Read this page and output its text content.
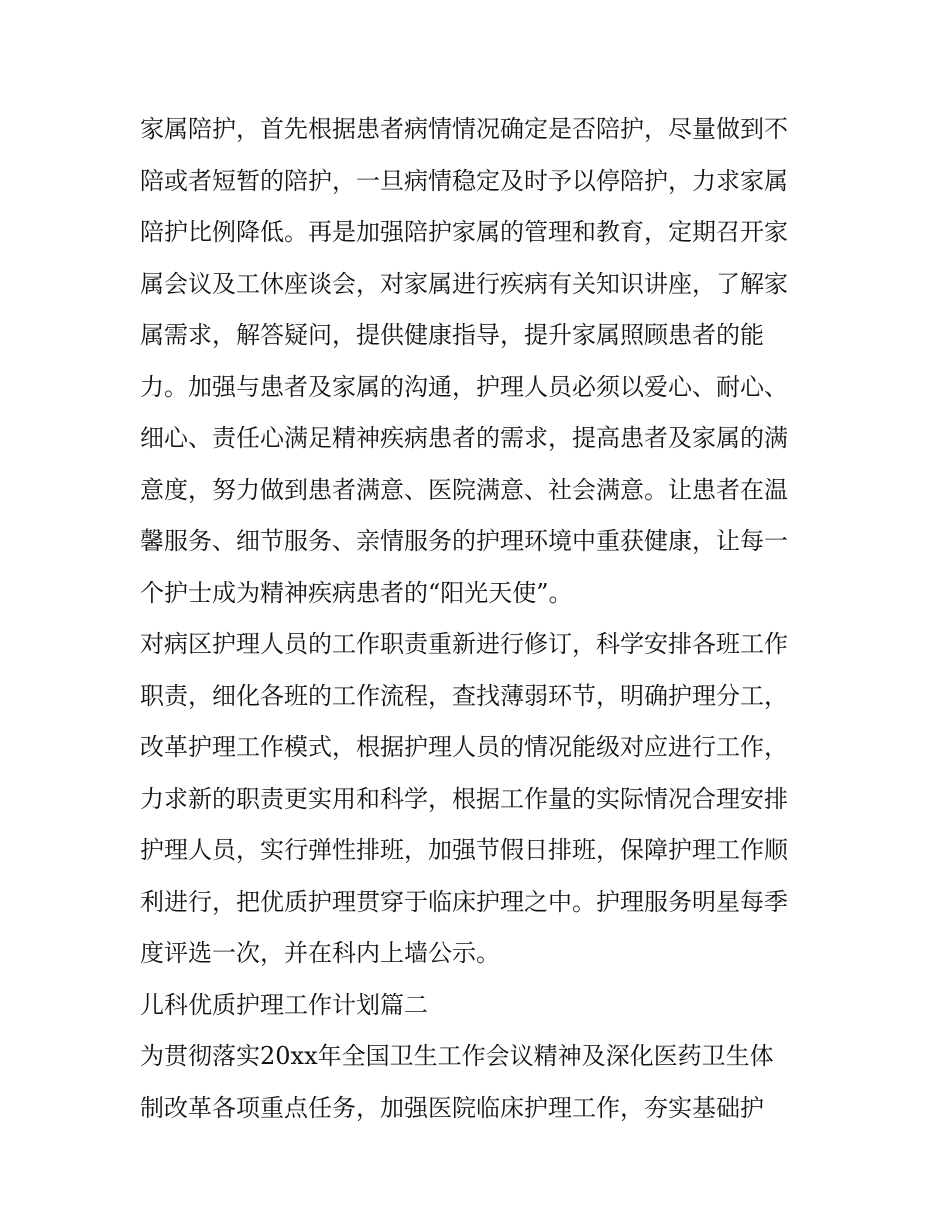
家属陪护，首先根据患者病情情况确定是否陪护，尽量做到不
陪或者短暂的陪护，一旦病情稳定及时予以停陪护，力求家属
陪护比例降低。再是加强陪护家属的管理和教育，定期召开家
属会议及工休座谈会，对家属进行疾病有关知识讲座，了解家
属需求，解答疑问，提供健康指导，提升家属照顾患者的能
力。加强与患者及家属的沟通，护理人员必须以爱心、耐心、
细心、责任心满足精神疾病患者的需求，提高患者及家属的满
意度，努力做到患者满意、医院满意、社会满意。让患者在温
馨服务、细节服务、亲情服务的护理环境中重获健康，让每一
个护士成为精神疾病患者的“阳光天使”。
对病区护理人员的工作职责重新进行修订，科学安排各班工作
职责，细化各班的工作流程，查找薄弱环节，明确护理分工，
改革护理工作模式，根据护理人员的情况能级对应进行工作，
力求新的职责更实用和科学，根据工作量的实际情况合理安排
护理人员，实行弹性排班，加强节假日排班，保障护理工作顺
利进行，把优质护理贯穿于临床护理之中。护理服务明星每季
度评选一次，并在科内上墙公示。
儿科优质护理工作计划篇二
为贯彻落实20xx年全国卫生工作会议精神及深化医药卫生体
制改革各项重点任务，加强医院临床护理工作，夯实基础护
